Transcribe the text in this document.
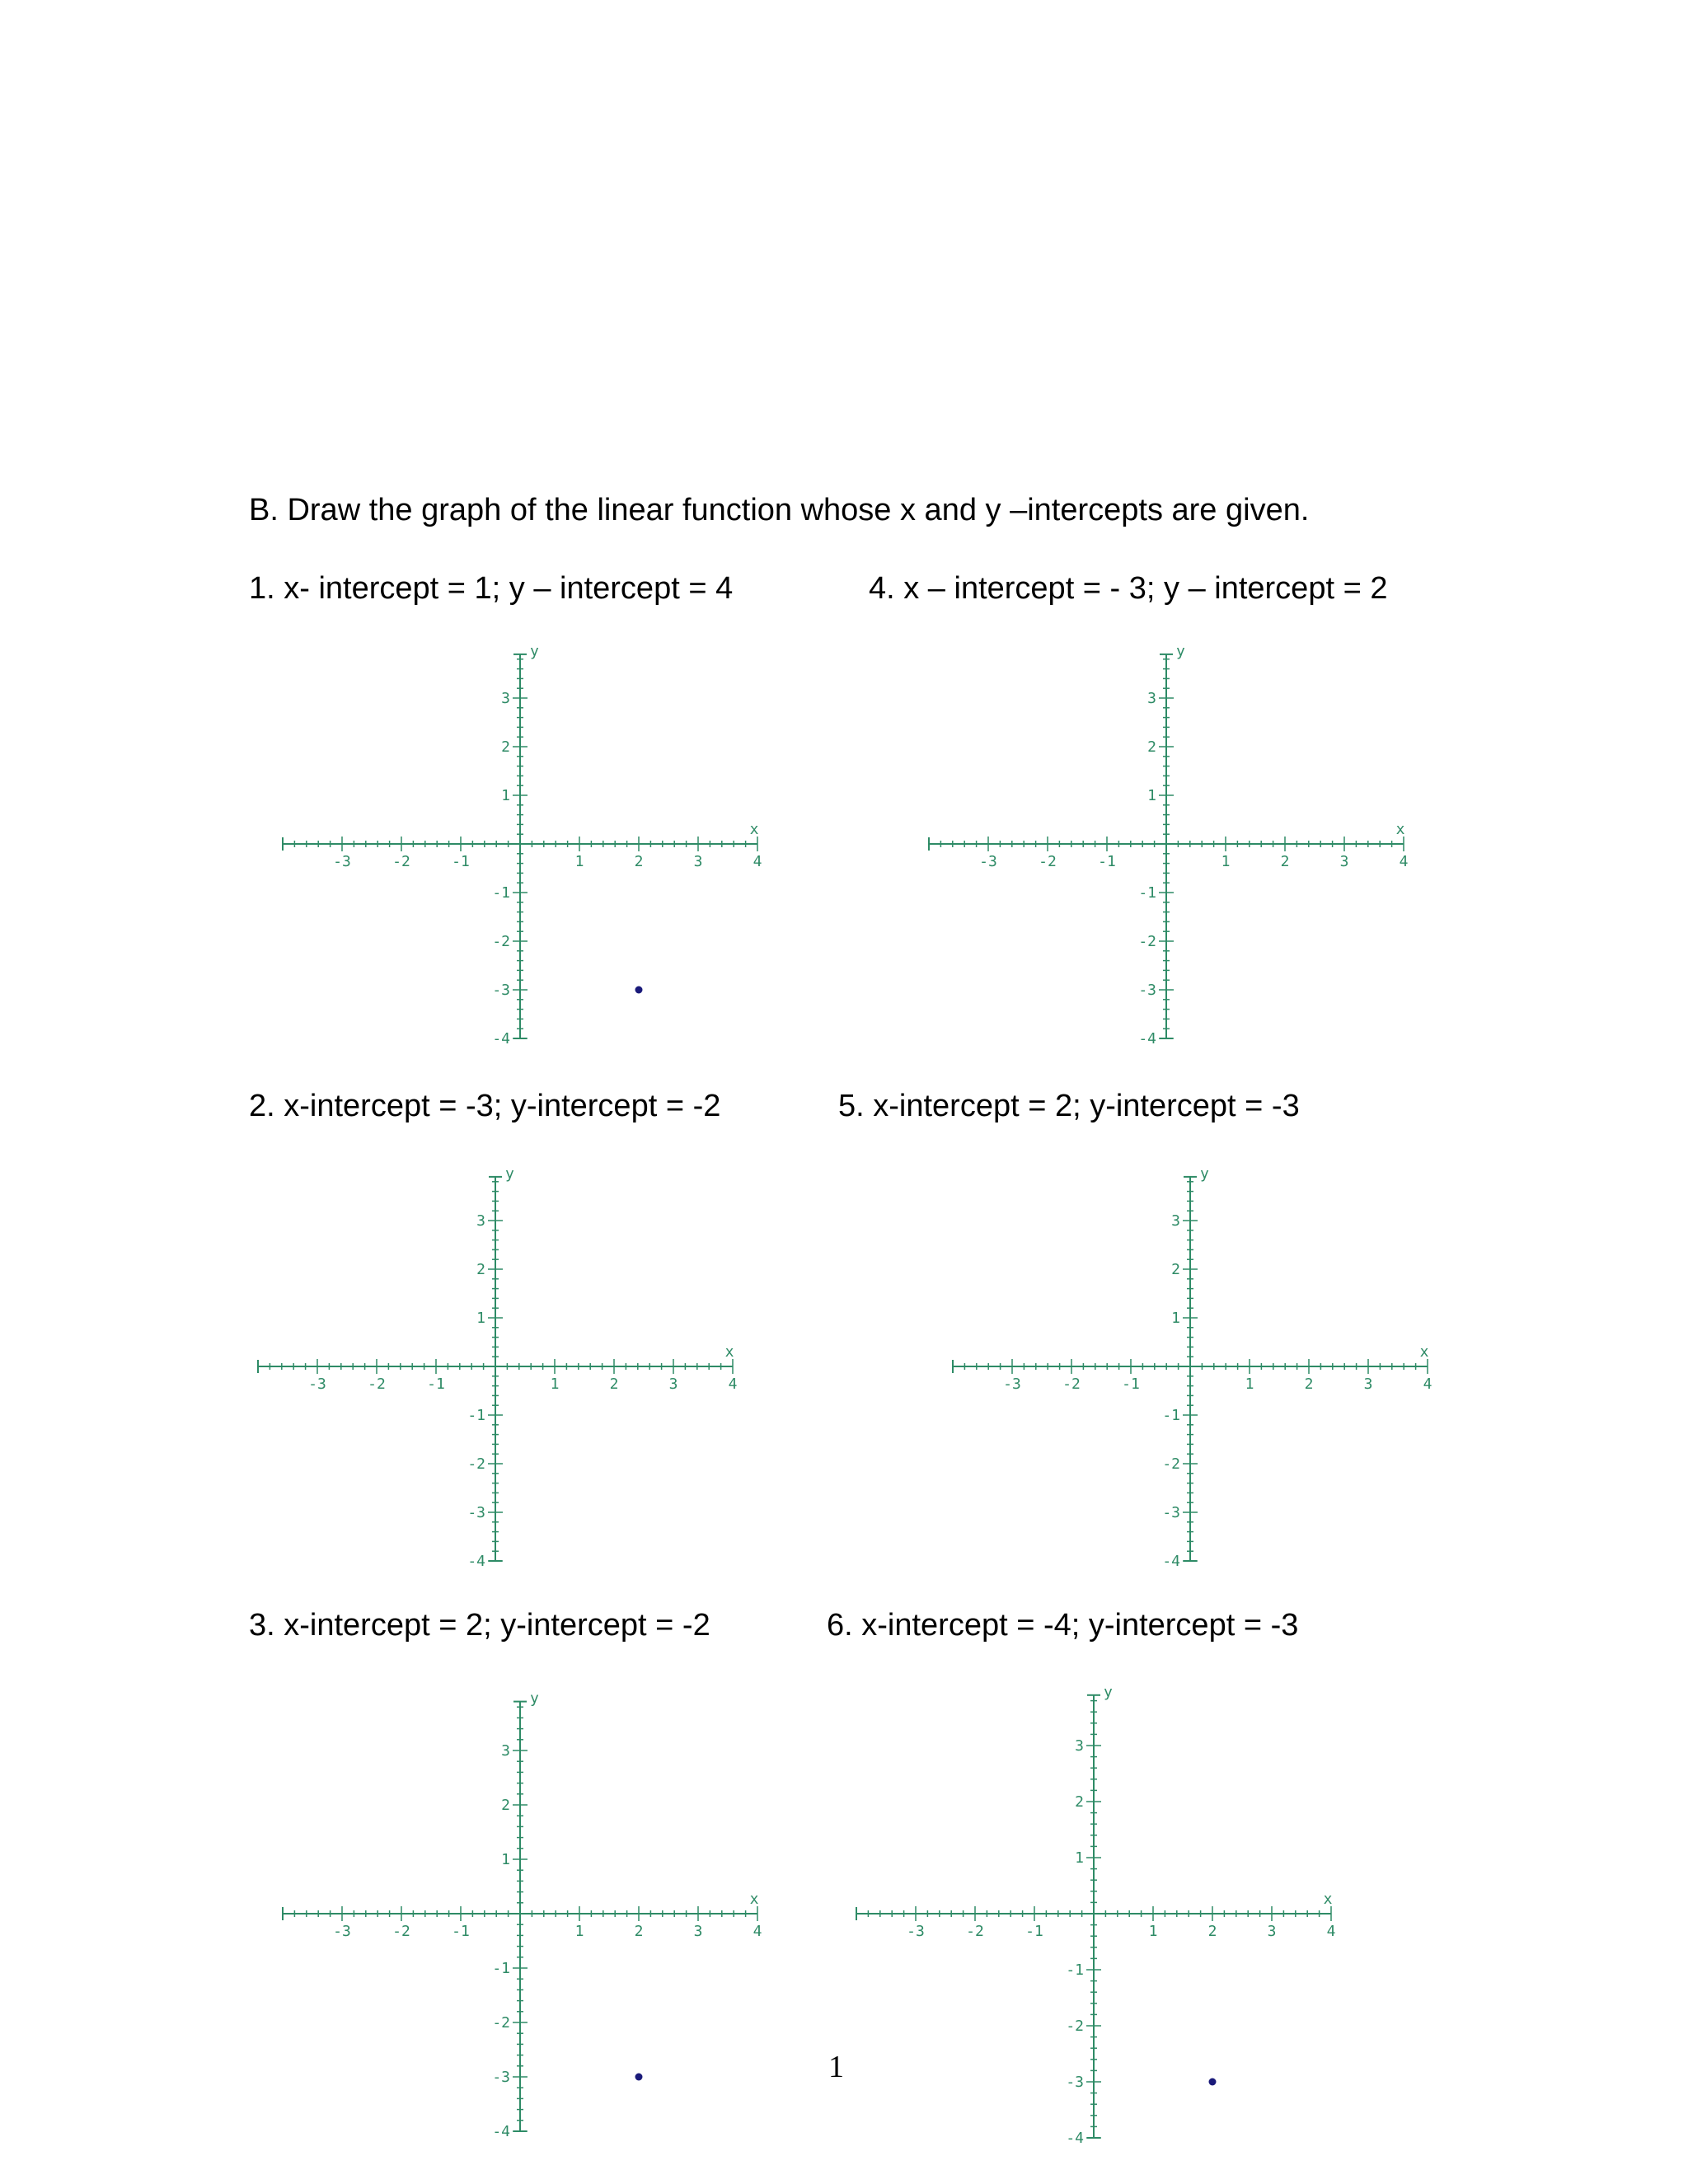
B. Draw the graph of the linear function whose x and y –intercepts are given.
1. x- intercept = 1; y – intercept = 4	4. x – intercept = - 3; y – intercept = 2
2. x-intercept = -3; y-intercept = -2	5. x-intercept = 2; y-intercept = -3
3. x-intercept = 2; y-intercept = -2	6. x-intercept = -4; y-intercept = -3
-3	-2	-1	1	2	3	4
3
2
1
-1
-2
-3
-4
x
y
-3	-2	-1	1	2	3	4
3
2
1
-1
-2
-3
-4
x
y
-3	-2	-1	1	2	3	4
3
2
1
-1
-2
-3
-4
x
y
-3	-2	-1	1	2	3	4
3
2
1
-1
-2
-3
-4
x
y
-3	-2	-1	1	2	3	4
3
2
1
-1
-2
-3
-4
x
y
-3	-2	-1	1	2	3	4
3
2
1
-1
-2
-3
-4
x
y
1
